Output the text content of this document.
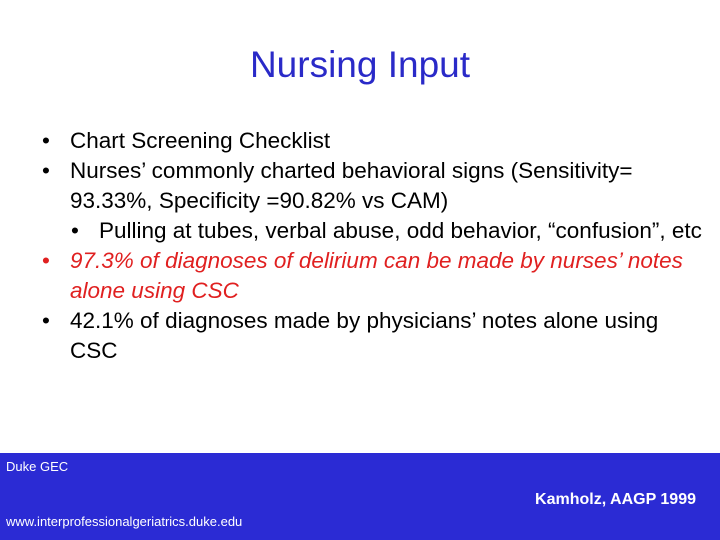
Nursing Input
• Chart Screening Checklist
• Nurses’ commonly charted behavioral signs (Sensitivity= 93.33%, Specificity =90.82% vs CAM)
• Pulling at tubes, verbal abuse, odd behavior, “confusion”, etc
• 97.3% of diagnoses of delirium can be made by nurses’ notes alone using CSC
• 42.1% of diagnoses made by physicians’ notes alone using CSC
Duke GEC
Kamholz, AAGP 1999
www.interprofessionalgeriatrics.duke.edu
